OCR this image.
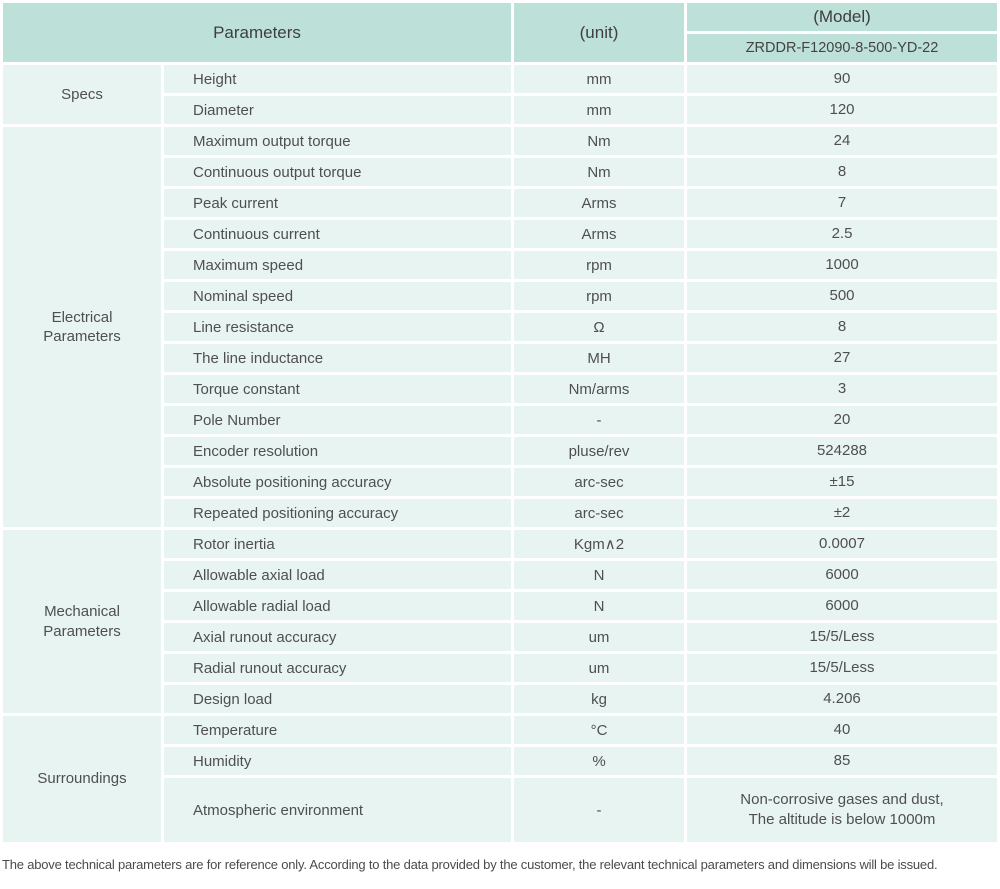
Parameters		(unit)	(Model)
			ZRDDR-F12090-8-500-YD-22
Specs	Height	mm	90
	Diameter	mm	120
Electrical Parameters	Maximum output torque	Nm	24
	Continuous output torque	Nm	8
	Peak current	Arms	7
	Continuous current	Arms	2.5
	Maximum speed	rpm	1000
	Nominal speed	rpm	500
	Line resistance	Ω	8
	The line inductance	MH	27
	Torque constant	Nm/arms	3
	Pole Number	-	20
	Encoder resolution	pluse/rev	524288
	Absolute positioning accuracy	arc-sec	±15
	Repeated positioning accuracy	arc-sec	±2
Mechanical Parameters	Rotor inertia	Kgm∧2	0.0007
	Allowable axial load	N	6000
	Allowable radial load	N	6000
	Axial runout accuracy	um	15/5/Less
	Radial runout accuracy	um	15/5/Less
	Design load	kg	4.206
Surroundings	Temperature	°C	40
	Humidity	%	85
	Atmospheric environment	-	Non-corrosive gases and dust,
The altitude is below 1000m
The above technical parameters are for reference only. According to the data provided by the customer, the relevant technical parameters and dimensions will be issued.
